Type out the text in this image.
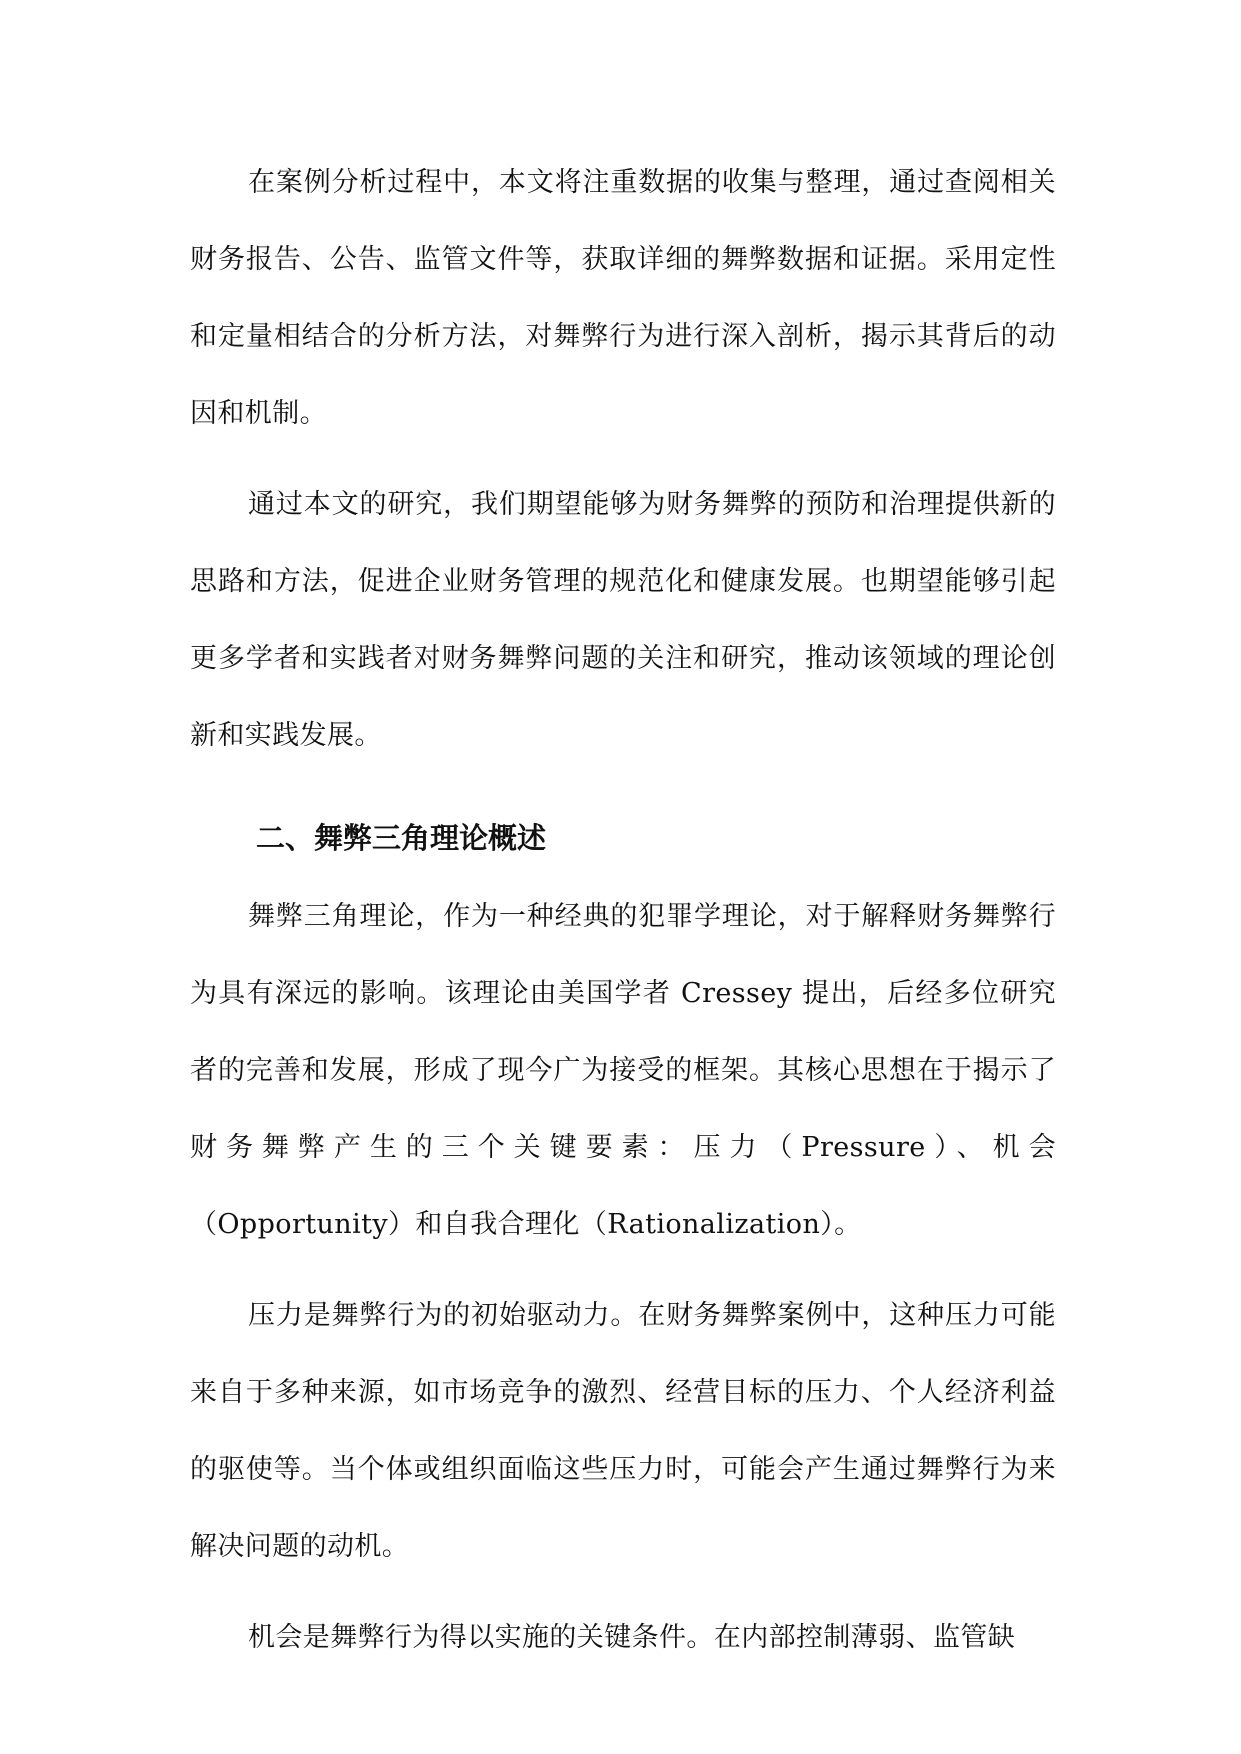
在案例分析过程中，本文将注重数据的收集与整理，通过查阅相关财务报告、公告、监管文件等，获取详细的舞弊数据和证据。采用定性和定量相结合的分析方法，对舞弊行为进行深入剖析，揭示其背后的动因和机制。

通过本文的研究，我们期望能够为财务舞弊的预防和治理提供新的思路和方法，促进企业财务管理的规范化和健康发展。也期望能够引起更多学者和实践者对财务舞弊问题的关注和研究，推动该领域的理论创新和实践发展。

二、舞弊三角理论概述

舞弊三角理论，作为一种经典的犯罪学理论，对于解释财务舞弊行为具有深远的影响。该理论由美国学者 Cressey 提出，后经多位研究者的完善和发展，形成了现今广为接受的框架。其核心思想在于揭示了财务舞弊产生的三个关键要素：压力（Pressure）、机会（Opportunity）和自我合理化（Rationalization）。

压力是舞弊行为的初始驱动力。在财务舞弊案例中，这种压力可能来自于多种来源，如市场竞争的激烈、经营目标的压力、个人经济利益的驱使等。当个体或组织面临这些压力时，可能会产生通过舞弊行为来解决问题的动机。

机会是舞弊行为得以实施的关键条件。在内部控制薄弱、监管缺
